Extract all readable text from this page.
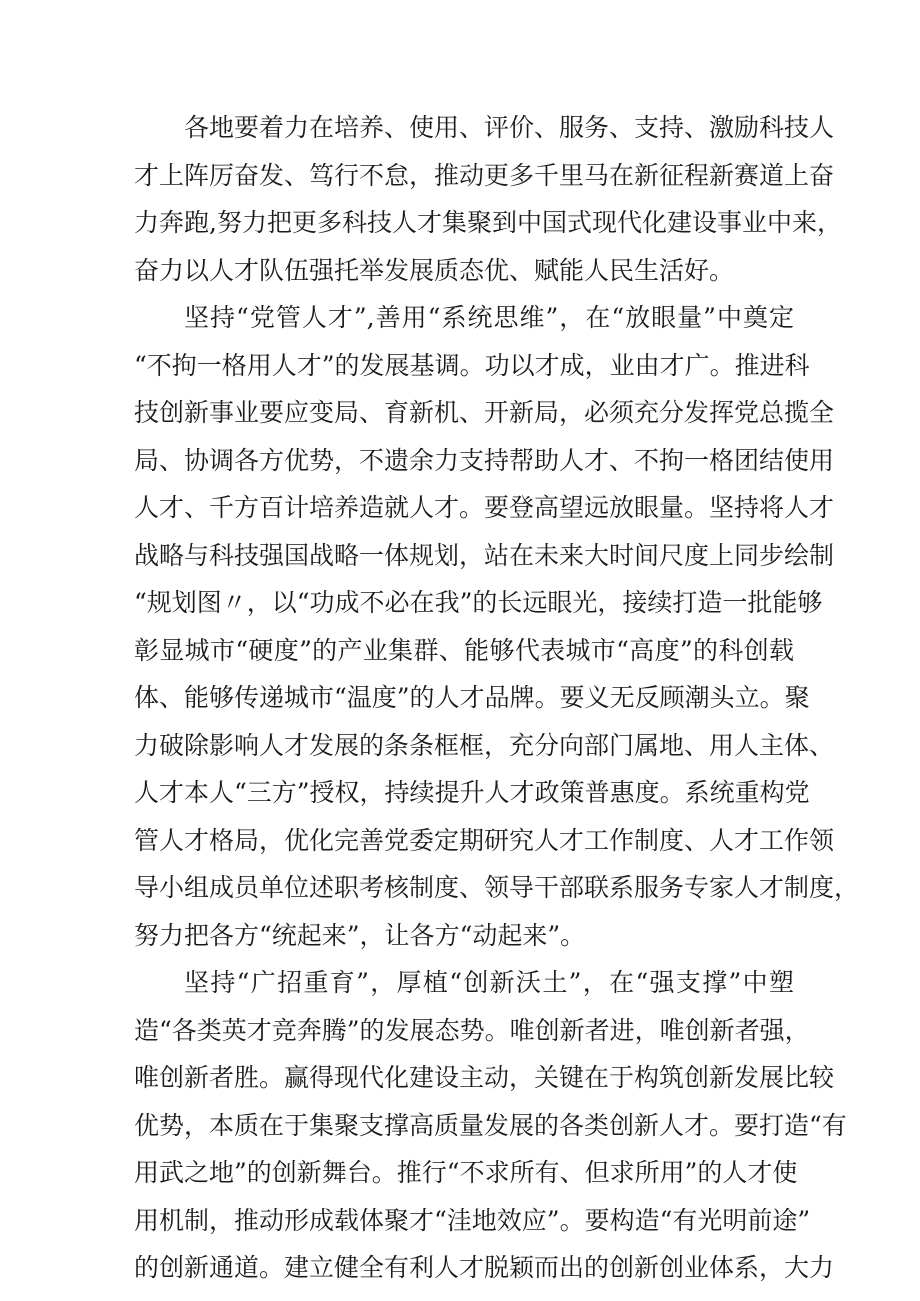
各地要着力在培养、使用、评价、服务、支持、激励科技人
才上阵厉奋发、笃行不怠，推动更多千里马在新征程新赛道上奋
力奔跑,努力把更多科技人才集聚到中国式现代化建设事业中来，
奋力以人才队伍强托举发展质态优、赋能人民生活好。
坚持“党管人才”,善用“系统思维”，在“放眼量”中奠定
“不拘一格用人才”的发展基调。功以才成，业由才广。推进科
技创新事业要应变局、育新机、开新局，必须充分发挥党总揽全
局、协调各方优势，不遗余力支持帮助人才、不拘一格团结使用
人才、千方百计培养造就人才。要登高望远放眼量。坚持将人才
战略与科技强国战略一体规划，站在未来大时间尺度上同步绘制
“规划图〃，以“功成不必在我”的长远眼光，接续打造一批能够
彰显城市“硬度”的产业集群、能够代表城市“高度”的科创载
体、能够传递城市“温度”的人才品牌。要义无反顾潮头立。聚
力破除影响人才发展的条条框框，充分向部门属地、用人主体、
人才本人“三方”授权，持续提升人才政策普惠度。系统重构党
管人才格局，优化完善党委定期研究人才工作制度、人才工作领
导小组成员单位述职考核制度、领导干部联系服务专家人才制度，
努力把各方“统起来”，让各方“动起来”。
坚持“广招重育”，厚植“创新沃土”，在“强支撑”中塑
造“各类英才竞奔腾”的发展态势。唯创新者进，唯创新者强，
唯创新者胜。赢得现代化建设主动，关键在于构筑创新发展比较
优势，本质在于集聚支撑高质量发展的各类创新人才。要打造“有
用武之地”的创新舞台。推行“不求所有、但求所用”的人才使
用机制，推动形成载体聚才“洼地效应”。要构造“有光明前途”
的创新通道。建立健全有利人才脱颖而出的创新创业体系，大力
